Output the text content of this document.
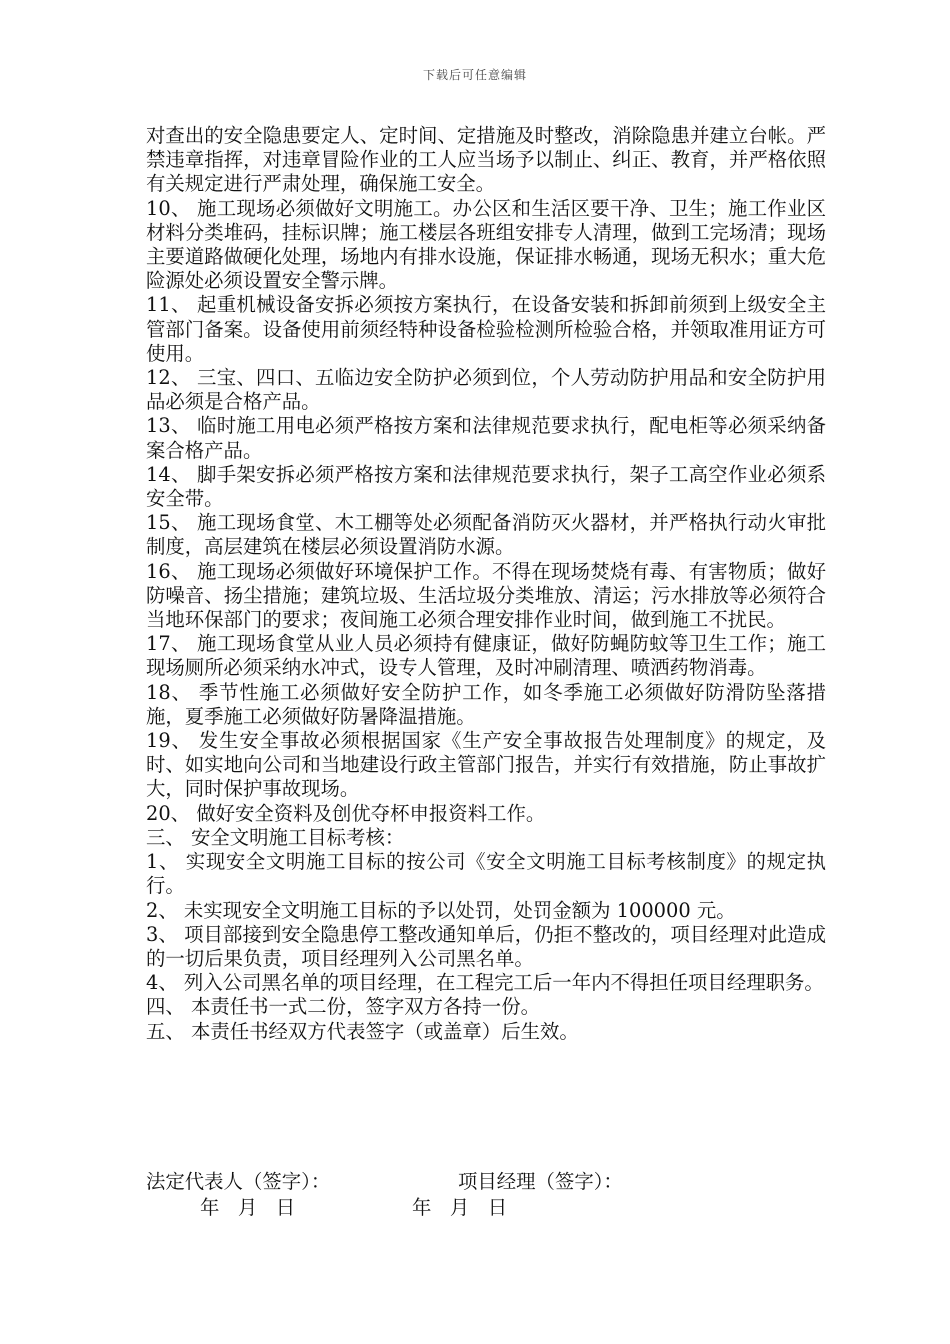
下载后可任意编辑

对查出的安全隐患要定人、定时间、定措施及时整改，消除隐患并建立台帐。严禁违章指挥，对违章冒险作业的工人应当场予以制止、纠正、教育，并严格依照有关规定进行严肃处理，确保施工安全。

10、 施工现场必须做好文明施工。办公区和生活区要干净、卫生；施工作业区材料分类堆码，挂标识牌；施工楼层各班组安排专人清理，做到工完场清；现场主要道路做硬化处理，场地内有排水设施，保证排水畅通，现场无积水；重大危险源处必须设置安全警示牌。

11、 起重机械设备安拆必须按方案执行，在设备安装和拆卸前须到上级安全主管部门备案。设备使用前须经特种设备检验检测所检验合格，并领取准用证方可使用。

12、 三宝、四口、五临边安全防护必须到位，个人劳动防护用品和安全防护用品必须是合格产品。

13、 临时施工用电必须严格按方案和法律规范要求执行，配电柜等必须采纳备案合格产品。

14、 脚手架安拆必须严格按方案和法律规范要求执行，架子工高空作业必须系安全带。

15、 施工现场食堂、木工棚等处必须配备消防灭火器材，并严格执行动火审批制度，高层建筑在楼层必须设置消防水源。

16、 施工现场必须做好环境保护工作。不得在现场焚烧有毒、有害物质；做好防噪音、扬尘措施；建筑垃圾、生活垃圾分类堆放、清运；污水排放等必须符合当地环保部门的要求；夜间施工必须合理安排作业时间，做到施工不扰民。

17、 施工现场食堂从业人员必须持有健康证，做好防蝇防蚊等卫生工作；施工现场厕所必须采纳水冲式，设专人管理，及时冲刷清理、喷洒药物消毒。

18、 季节性施工必须做好安全防护工作，如冬季施工必须做好防滑防坠落措施，夏季施工必须做好防暑降温措施。

19、 发生安全事故必须根据国家《生产安全事故报告处理制度》的规定，及时、如实地向公司和当地建设行政主管部门报告，并实行有效措施，防止事故扩大，同时保护事故现场。

20、 做好安全资料及创优夺杯申报资料工作。

三、 安全文明施工目标考核：

1、 实现安全文明施工目标的按公司《安全文明施工目标考核制度》的规定执行。

2、 未实现安全文明施工目标的予以处罚，处罚金额为 100000 元。

3、 项目部接到安全隐患停工整改通知单后，仍拒不整改的，项目经理对此造成的一切后果负责，项目经理列入公司黑名单。

4、 列入公司黑名单的项目经理，在工程完工后一年内不得担任项目经理职务。

四、 本责任书一式二份，签字双方各持一份。

五、 本责任书经双方代表签字（或盖章）后生效。

法定代表人（签字）：	项目经理（签字）：
年   月   日	年   月   日
